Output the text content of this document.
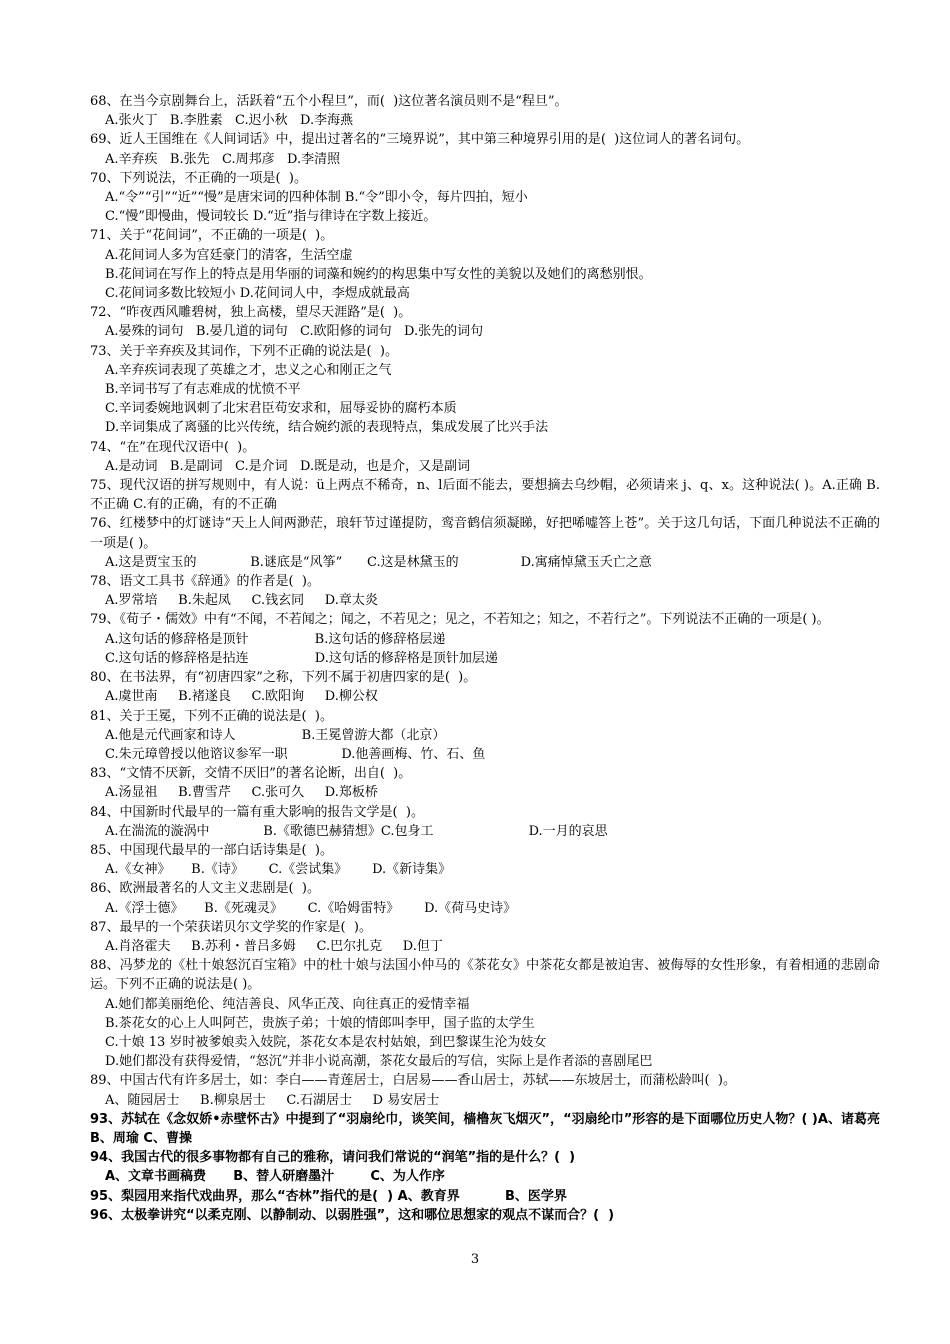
68、在当今京剧舞台上，活跃着“五个小程旦”，而(  )这位著名演员则不是“程旦”。
A.张火丁   B.李胜素   C.迟小秋   D.李海燕
69、近人王国维在《人间词话》中，提出过著名的“三境界说”，其中第三种境界引用的是(  )这位词人的著名词句。
A.辛弃疾   B.张先   C.周邦彦   D.李清照
70、下列说法，不正确的一项是(  )。
A.“令”“引”“近”“慢”是唐宋词的四种体制 B.“令”即小令，每片四拍，短小
C.“慢”即慢曲，慢词较长 D.“近”指与律诗在字数上接近。
71、关于“花间词”，不正确的一项是(  )。
A.花间词人多为宫廷豪门的清客，生活空虚
B.花间词在写作上的特点是用华丽的词藻和婉约的构思集中写女性的美貌以及她们的离愁别恨。
C.花间词多数比较短小 D.花间词人中，李煜成就最高
72、“昨夜西风雕碧树，独上高楼，望尽天涯路”是(  )。
A.晏殊的词句   B.晏几道的词句   C.欧阳修的词句   D.张先的词句
73、关于辛弃疾及其词作，下列不正确的说法是(  )。
A.辛弃疾词表现了英雄之才，忠义之心和刚正之气
B.辛词书写了有志难成的忧愤不平
C.辛词委婉地讽刺了北宋君臣苟安求和，屈辱妥协的腐朽本质
D.辛词集成了离骚的比兴传统，结合婉约派的表现特点，集成发展了比兴手法
74、“在”在现代汉语中(  )。
A.是动词   B.是副词   C.是介词   D.既是动，也是介，又是副词
75、现代汉语的拼写规则中，有人说：ü上两点不稀奇，n、l后面不能去，要想摘去乌纱帽，必须请来 j、q、x。这种说法( )。A.正确 B.不正确 C.有的正确，有的不正确
76、红楼梦中的灯谜诗“天上人间两渺茫，琅轩节过谨提防，鸾音鹤信须凝睇，好把唏嘘答上苍”。关于这几句话，下面几种说法不正确的一项是( )。
A.这是贾宝玉的             B.谜底是“风筝”      C.这是林黛玉的               D.寓痛悼黛玉夭亡之意
78、语文工具书《辞通》的作者是(  )。
A.罗常培     B.朱起凤     C.钱玄同     D.章太炎
79、《荀子・儒效》中有“不闻，不若闻之；闻之，不若见之；见之，不若知之；知之，不若行之”。下列说法不正确的一项是( )。
A.这句话的修辞格是顶针                B.这句话的修辞格层递
C.这句话的修辞格是拈连                D.这句话的修辞格是顶针加层递
80、在书法界，有“初唐四家”之称，下列不属于初唐四家的是(  )。
A.虞世南     B.褚遂良     C.欧阳询     D.柳公权
81、关于王冕，下列不正确的说法是(  )。
A.他是元代画家和诗人                B.王冕曾游大都（北京）
C.朱元璋曾授以他谘议参军一职             D.他善画梅、竹、石、鱼
83、“文情不厌新，交情不厌旧”的著名论断，出自(  )。
A.汤显祖     B.曹雪芹     C.张可久     D.郑板桥
84、中国新时代最早的一篇有重大影响的报告文学是(  )。
A.在湍流的漩涡中             B.《歌德巴赫猜想》C.包身工                       D.一月的哀思
85、中国现代最早的一部白话诗集是(  )。
A.《女神》     B.《诗》      C.《尝试集》      D.《新诗集》
86、欧洲最著名的人文主义悲剧是(  )。
A.《浮士德》     B.《死魂灵》      C.《哈姆雷特》      D.《荷马史诗》
87、最早的一个荣获诺贝尔文学奖的作家是(  )。
A.肖洛霍夫     B.苏利・普吕多姆     C.巴尔扎克     D.但丁
88、冯梦龙的《杜十娘怒沉百宝箱》中的杜十娘与法国小仲马的《茶花女》中茶花女都是被迫害、被侮辱的女性形象，有着相通的悲剧命运。下列不正确的说法是( )。
A.她们都美丽绝伦、纯洁善良、风华正茂、向往真正的爱情幸福
B.茶花女的心上人叫阿芒，贵族子弟；十娘的情郎叫李甲，国子监的太学生
C.十娘 13 岁时被爹娘卖入妓院，茶花女本是农村姑娘，到巴黎谋生沦为妓女
D.她们都没有获得爱情，“怒沉”并非小说高潮，茶花女最后的写信，实际上是作者添的喜剧尾巴
89、中国古代有许多居士，如：李白——青莲居士，白居易——香山居士，苏轼——东坡居士，而蒲松龄叫(  )。
A、随园居士     B.柳泉居士     C.石湖居士     D 易安居士
93、苏轼在《念奴娇•赤壁怀古》中提到了“羽扇纶巾，谈笑间，樯橹灰飞烟灭”，“羽扇纶巾”形容的是下面哪位历史人物？( )A、诸葛亮 B、周瑜 C、曹操
94、我国古代的很多事物都有自己的雅称，请问我们常说的“润笔”指的是什么？(  )
A、文章书画稿费      B、替人研磨墨汁        C、为人作序
95、梨园用来指代戏曲界，那么“杏林”指代的是(  ) A、教育界          B、医学界
96、太极拳讲究“以柔克刚、以静制动、以弱胜强”，这和哪位思想家的观点不谋而合？(  )
3
